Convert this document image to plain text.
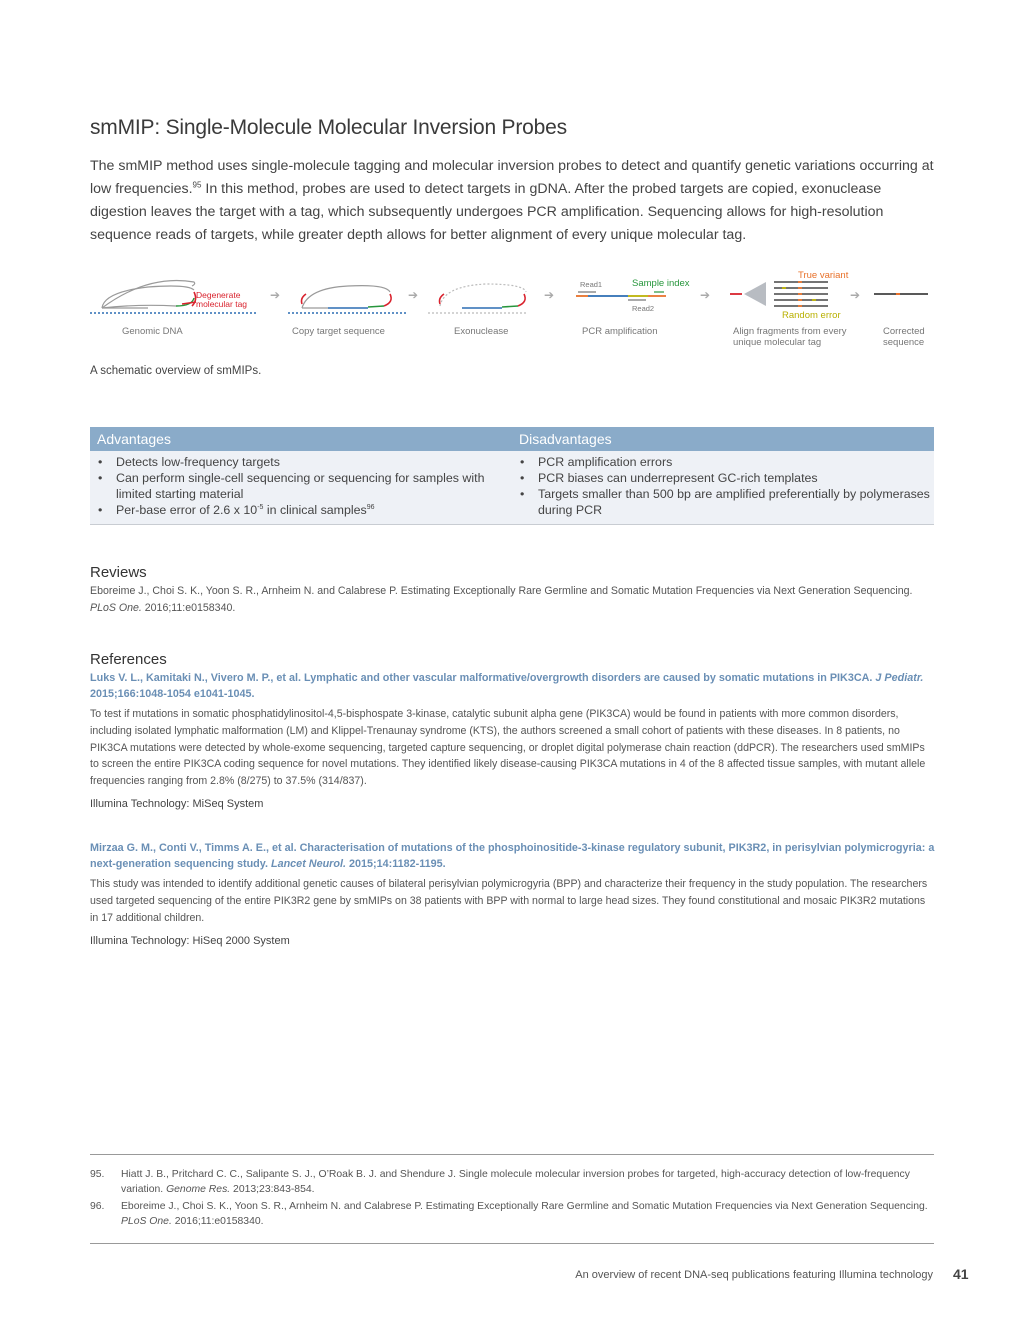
smMIP: Single-Molecule Molecular Inversion Probes
The smMIP method uses single-molecule tagging and molecular inversion probes to detect and quantify genetic variations occurring at low frequencies.$^{95}$ In this method, probes are used to detect targets in gDNA. After the probed targets are copied, exonuclease digestion leaves the target with a tag, which subsequently undergoes PCR amplification. Sequencing allows for high-resolution sequence reads of targets, while greater depth allows for better alignment of every unique molecular tag.
Degenerate
molecular tag
Genomic DNA
➔
Copy target sequence
➔
Exonuclease
➔
Read1	Sample index
Read2
PCR amplification
➔
True variant
Random error
Align fragments from every
unique molecular tag
➔
Corrected
sequence
A schematic overview of smMIPs.
Advantages	Disadvantages
• Detects low-frequency targets
• Can perform single-cell sequencing or sequencing for samples with limited starting material
• Per-base error of 2.6 x $10^{-5}$ in clinical samples$^{96}$
• PCR amplification errors
• PCR biases can underrepresent GC-rich templates
• Targets smaller than 500 bp are amplified preferentially by polymerases during PCR
Reviews
Eboreime J., Choi S. K., Yoon S. R., Arnheim N. and Calabrese P. Estimating Exceptionally Rare Germline and Somatic Mutation Frequencies via Next Generation Sequencing. PLoS One. 2016;11:e0158340.
References
Luks V. L., Kamitaki N., Vivero M. P., et al. Lymphatic and other vascular malformative/overgrowth disorders are caused by somatic mutations in PIK3CA. J Pediatr. 2015;166:1048-1054 e1041-1045.
To test if mutations in somatic phosphatidylinositol-4,5-bisphospate 3-kinase, catalytic subunit alpha gene (PIK3CA) would be found in patients with more common disorders, including isolated lymphatic malformation (LM) and Klippel-Trenaunay syndrome (KTS), the authors screened a small cohort of patients with these diseases. In 8 patients, no PIK3CA mutations were detected by whole-exome sequencing, targeted capture sequencing, or droplet digital polymerase chain reaction (ddPCR). The researchers used smMIPs to screen the entire PIK3CA coding sequence for novel mutations. They identified likely disease-causing PIK3CA mutations in 4 of the 8 affected tissue samples, with mutant allele frequencies ranging from 2.8% (8/275) to 37.5% (314/837).
Illumina Technology: MiSeq System
Mirzaa G. M., Conti V., Timms A. E., et al. Characterisation of mutations of the phosphoinositide-3-kinase regulatory subunit, PIK3R2, in perisylvian polymicrogyria: a next-generation sequencing study. Lancet Neurol. 2015;14:1182-1195.
This study was intended to identify additional genetic causes of bilateral perisylvian polymicrogyria (BPP) and characterize their frequency in the study population. The researchers used targeted sequencing of the entire PIK3R2 gene by smMIPs on 38 patients with BPP with normal to large head sizes. They found constitutional and mosaic PIK3R2 mutations in 17 additional children.
Illumina Technology: HiSeq 2000 System
95. Hiatt J. B., Pritchard C. C., Salipante S. J., O’Roak B. J. and Shendure J. Single molecule molecular inversion probes for targeted, high-accuracy detection of low-frequency variation. Genome Res. 2013;23:843-854.
96. Eboreime J., Choi S. K., Yoon S. R., Arnheim N. and Calabrese P. Estimating Exceptionally Rare Germline and Somatic Mutation Frequencies via Next Generation Sequencing. PLoS One. 2016;11:e0158340.
An overview of recent DNA-seq publications featuring Illumina technology 41
